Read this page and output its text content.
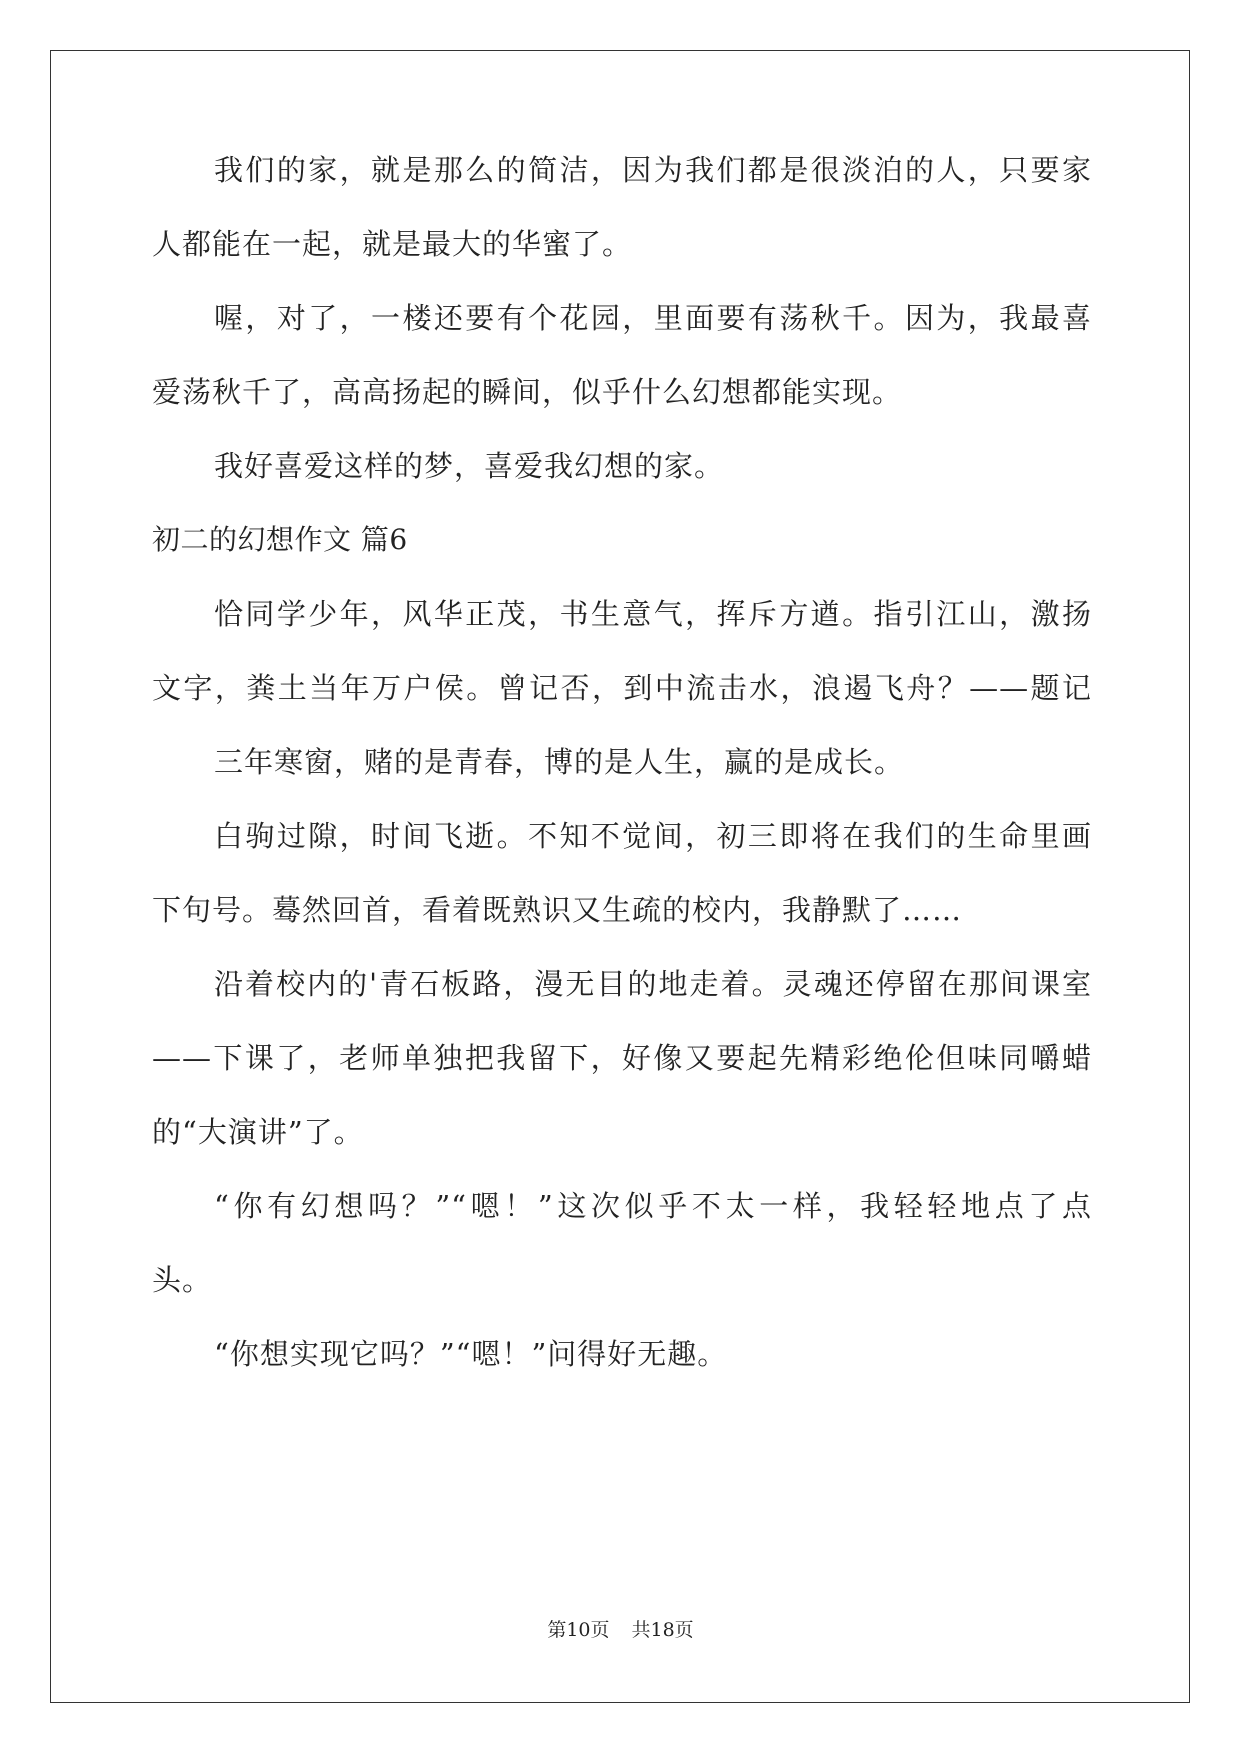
我们的家，就是那么的简洁，因为我们都是很淡泊的人，只要家
人都能在一起，就是最大的华蜜了。
喔，对了，一楼还要有个花园，里面要有荡秋千。因为，我最喜
爱荡秋千了，高高扬起的瞬间，似乎什么幻想都能实现。
我好喜爱这样的梦，喜爱我幻想的家。
初二的幻想作文 篇6
恰同学少年，风华正茂，书生意气，挥斥方遒。指引江山，激扬
文字，粪土当年万户侯。曾记否，到中流击水，浪遏飞舟？——题记
三年寒窗，赌的是青春，博的是人生，赢的是成长。
白驹过隙，时间飞逝。不知不觉间，初三即将在我们的生命里画
下句号。蓦然回首，看着既熟识又生疏的校内，我静默了……
沿着校内的'青石板路，漫无目的地走着。灵魂还停留在那间课室
——下课了，老师单独把我留下，好像又要起先精彩绝伦但味同嚼蜡
的“大演讲”了。
“你有幻想吗？”“嗯！”这次似乎不太一样，我轻轻地点了点
头。
“你想实现它吗？”“嗯！”问得好无趣。
第10页 共18页
